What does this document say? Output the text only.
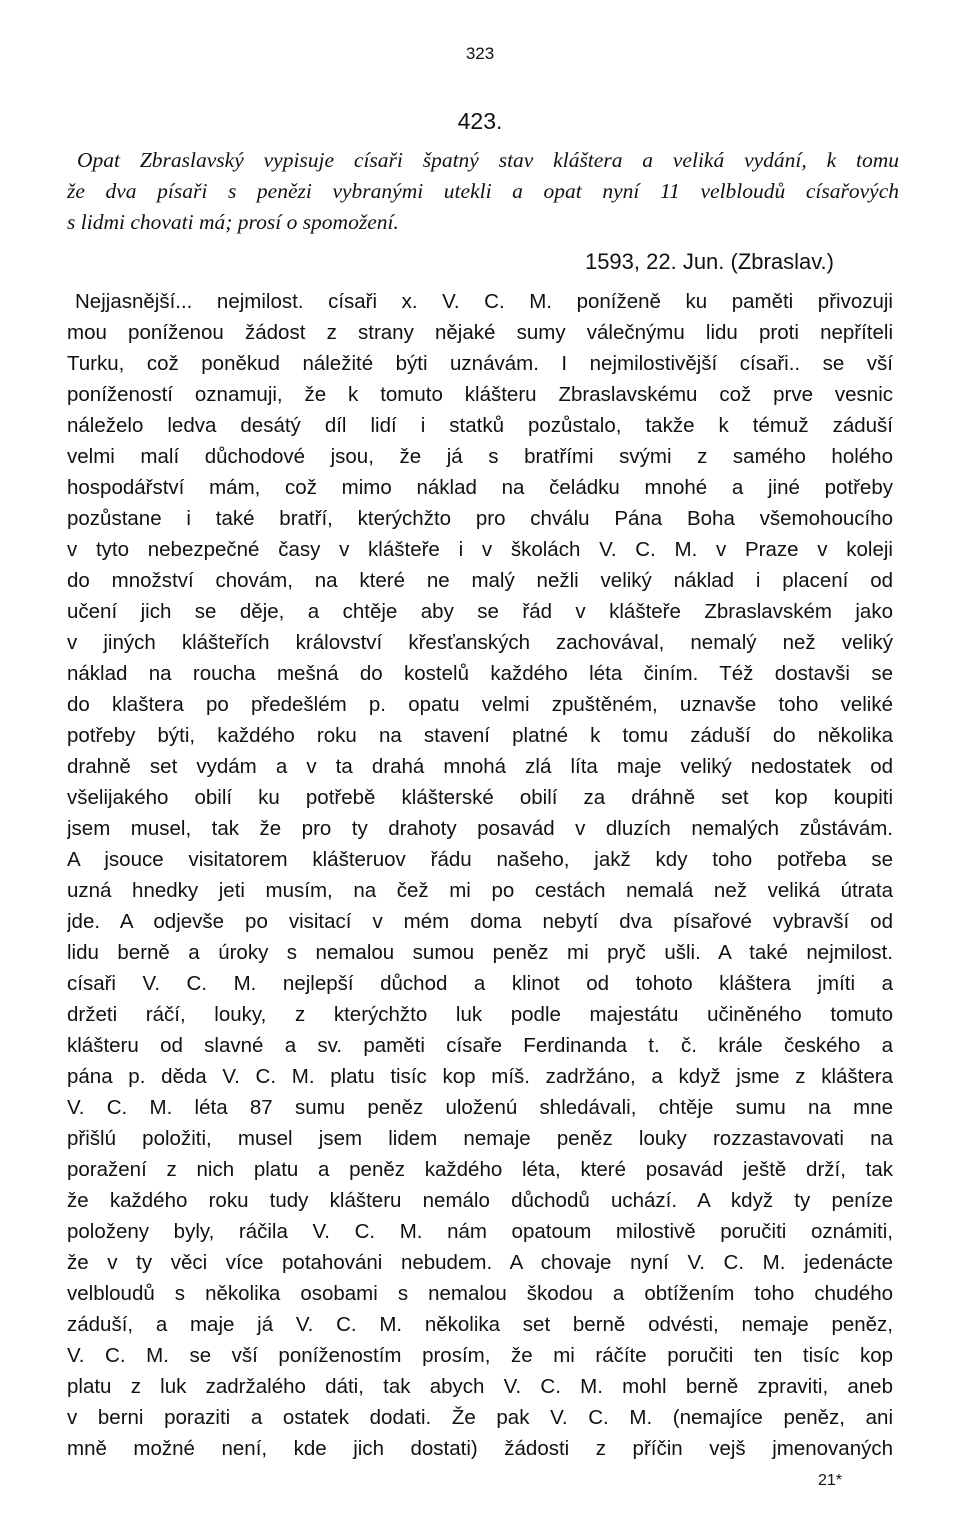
323
423.
Opat Zbraslavský vypisuje císaři špatný stav kláštera a veliká vydání, k tomu
že dva písaři s penězi vybranými utekli a opat nyní 11 velbloudů císařových
s lidmi chovati má; prosí o spomožení.
1593, 22. Jun. (Zbraslav.)
Nejjasnější... nejmilost. císaři x. V. C. M. poníženě ku paměti přivozuji
mou poníženou žádost z strany nějaké sumy válečnýmu lidu proti nepříteli
Turku, což poněkud náležité býti uznávám. I nejmilostivější císaři.. se vší
ponížeností oznamuji, že k tomuto klášteru Zbraslavskému což prve vesnic
náleželo ledva desátý díl lidí i statků pozůstalo, takže k témuž záduší
velmi malí důchodové jsou, že já s bratřími svými z samého holého
hospodářství mám, což mimo náklad na čeládku mnohé a jiné potřeby
pozůstane i také bratří, kterýchžto pro chválu Pána Boha všemohoucího
v tyto nebezpečné časy v klášteře i v školách V. C. M. v Praze v koleji
do množství chovám, na které ne malý nežli veliký náklad i placení od
učení jich se děje, a chtěje aby se řád v klášteře Zbraslavském jako
v jiných klášteřích království křesťanských zachovával, nemalý než veliký
náklad na roucha mešná do kostelů každého léta činím. Též dostavši se
do klaštera po předešlém p. opatu velmi zpuštěném, uznavše toho veliké
potřeby býti, každého roku na stavení platné k tomu záduší do několika
drahně set vydám a v ta drahá mnohá zlá líta maje veliký nedostatek od
všelijakého obilí ku potřebě klášterské obilí za dráhně set kop koupiti
jsem musel, tak že pro ty drahoty posavád v dluzích nemalých zůstávám.
A jsouce visitatorem klášteruov řádu našeho, jakž kdy toho potřeba se
uzná hnedky jeti musím, na čež mi po cestách nemalá než veliká útrata
jde. A odjevše po visitací v mém doma nebytí dva písařové vybravší od
lidu berně a úroky s nemalou sumou peněz mi pryč ušli. A také nejmilost.
císaři V. C. M. nejlepší důchod a klinot od tohoto kláštera jmíti a
držeti ráčí, louky, z kterýchžto luk podle majestátu učiněného tomuto
klášteru od slavné a sv. paměti císaře Ferdinanda t. č. krále českého a
pána p. děda V. C. M. platu tisíc kop míš. zadržáno, a když jsme z kláštera
V. C. M. léta 87 sumu peněz uloženú shledávali, chtěje sumu na mne
přišlú položiti, musel jsem lidem nemaje peněz louky rozzastavovati na
poražení z nich platu a peněz každého léta, které posavád ještě drží, tak
že každého roku tudy klášteru nemálo důchodů uchází. A když ty peníze
položeny byly, ráčila V. C. M. nám opatoum milostivě poručiti oznámiti,
že v ty věci více potahováni nebudem. A chovaje nyní V. C. M. jedenácte
velbloudů s několika osobami s nemalou škodou a obtížením toho chudého
záduší, a maje já V. C. M. několika set berně odvésti, nemaje peněz,
V. C. M. se vší poníženostím prosím, že mi ráčíte poručiti ten tisíc kop
platu z luk zadržalého dáti, tak abych V. C. M. mohl berně zpraviti, aneb
v berni poraziti a ostatek dodati. Že pak V. C. M. (nemajíce peněz, ani
mně možné není, kde jich dostati) žádosti z příčin vejš jmenovaných
21*
